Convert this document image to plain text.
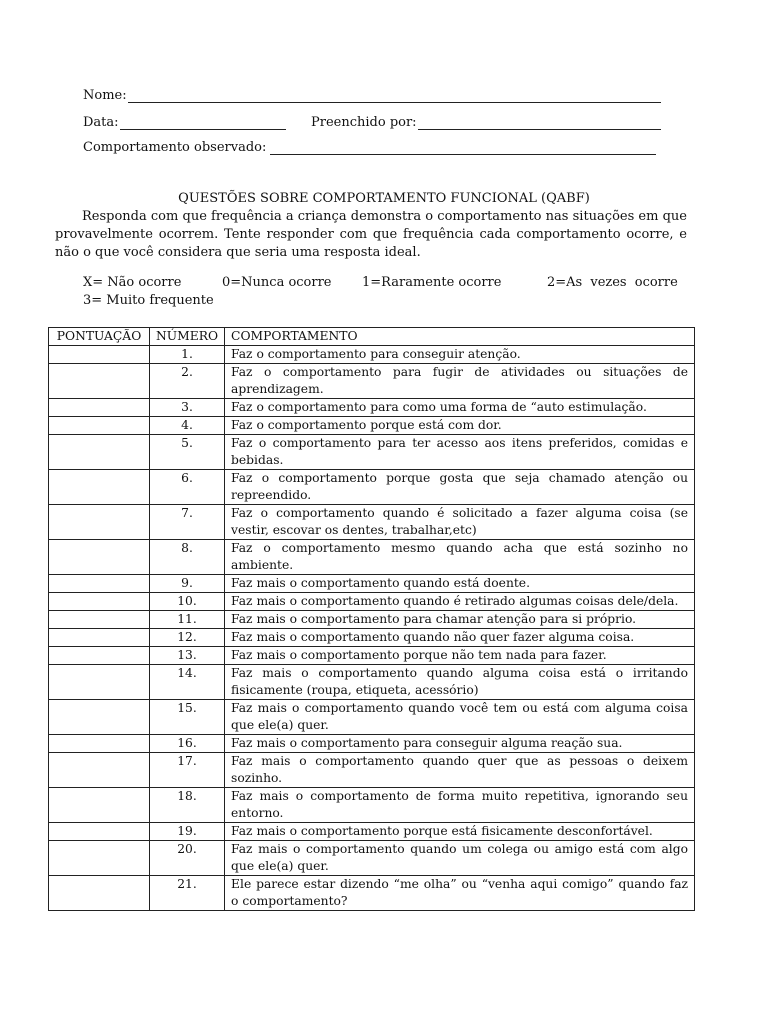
Nome:
Data:	Preenchido por:
Comportamento observado:
QUESTÕES SOBRE COMPORTAMENTO FUNCIONAL (QABF)
Responda com que frequência a criança demonstra o comportamento nas situações em que provavelmente ocorrem. Tente responder com que frequência cada comportamento ocorre, e não o que você considera que seria uma resposta ideal.
X= Não ocorre	0=Nunca ocorre 1=Raramente ocorre	2=As vezes ocorre
3= Muito frequente
PONTUAÇÃO	NÚMERO	COMPORTAMENTO
	1.	Faz o comportamento para conseguir atenção.
	2.	Faz o comportamento para fugir de atividades ou situações de aprendizagem.
	3.	Faz o comportamento para como uma forma de “auto estimulação.
	4.	Faz o comportamento porque está com dor.
	5.	Faz o comportamento para ter acesso aos itens preferidos, comidas e bebidas.
	6.	Faz o comportamento porque gosta que seja chamado atenção ou repreendido.
	7.	Faz o comportamento quando é solicitado a fazer alguma coisa (se vestir, escovar os dentes, trabalhar,etc)
	8.	Faz o comportamento mesmo quando acha que está sozinho no ambiente.
	9.	Faz mais o comportamento quando está doente.
	10.	Faz mais o comportamento quando é retirado algumas coisas dele/dela.
	11.	Faz mais o comportamento para chamar atenção para si próprio.
	12.	Faz mais o comportamento quando não quer fazer alguma coisa.
	13.	Faz mais o comportamento porque não tem nada para fazer.
	14.	Faz mais o comportamento quando alguma coisa está o irritando fisicamente (roupa, etiqueta, acessório)
	15.	Faz mais o comportamento quando você tem ou está com alguma coisa que ele(a) quer.
	16.	Faz mais o comportamento para conseguir alguma reação sua.
	17.	Faz mais o comportamento quando quer que as pessoas o deixem sozinho.
	18.	Faz mais o comportamento de forma muito repetitiva, ignorando seu entorno.
	19.	Faz mais o comportamento porque está fisicamente desconfortável.
	20.	Faz mais o comportamento quando um colega ou amigo está com algo que ele(a) quer.
	21.	Ele parece estar dizendo “me olha” ou “venha aqui comigo” quando faz o comportamento?
